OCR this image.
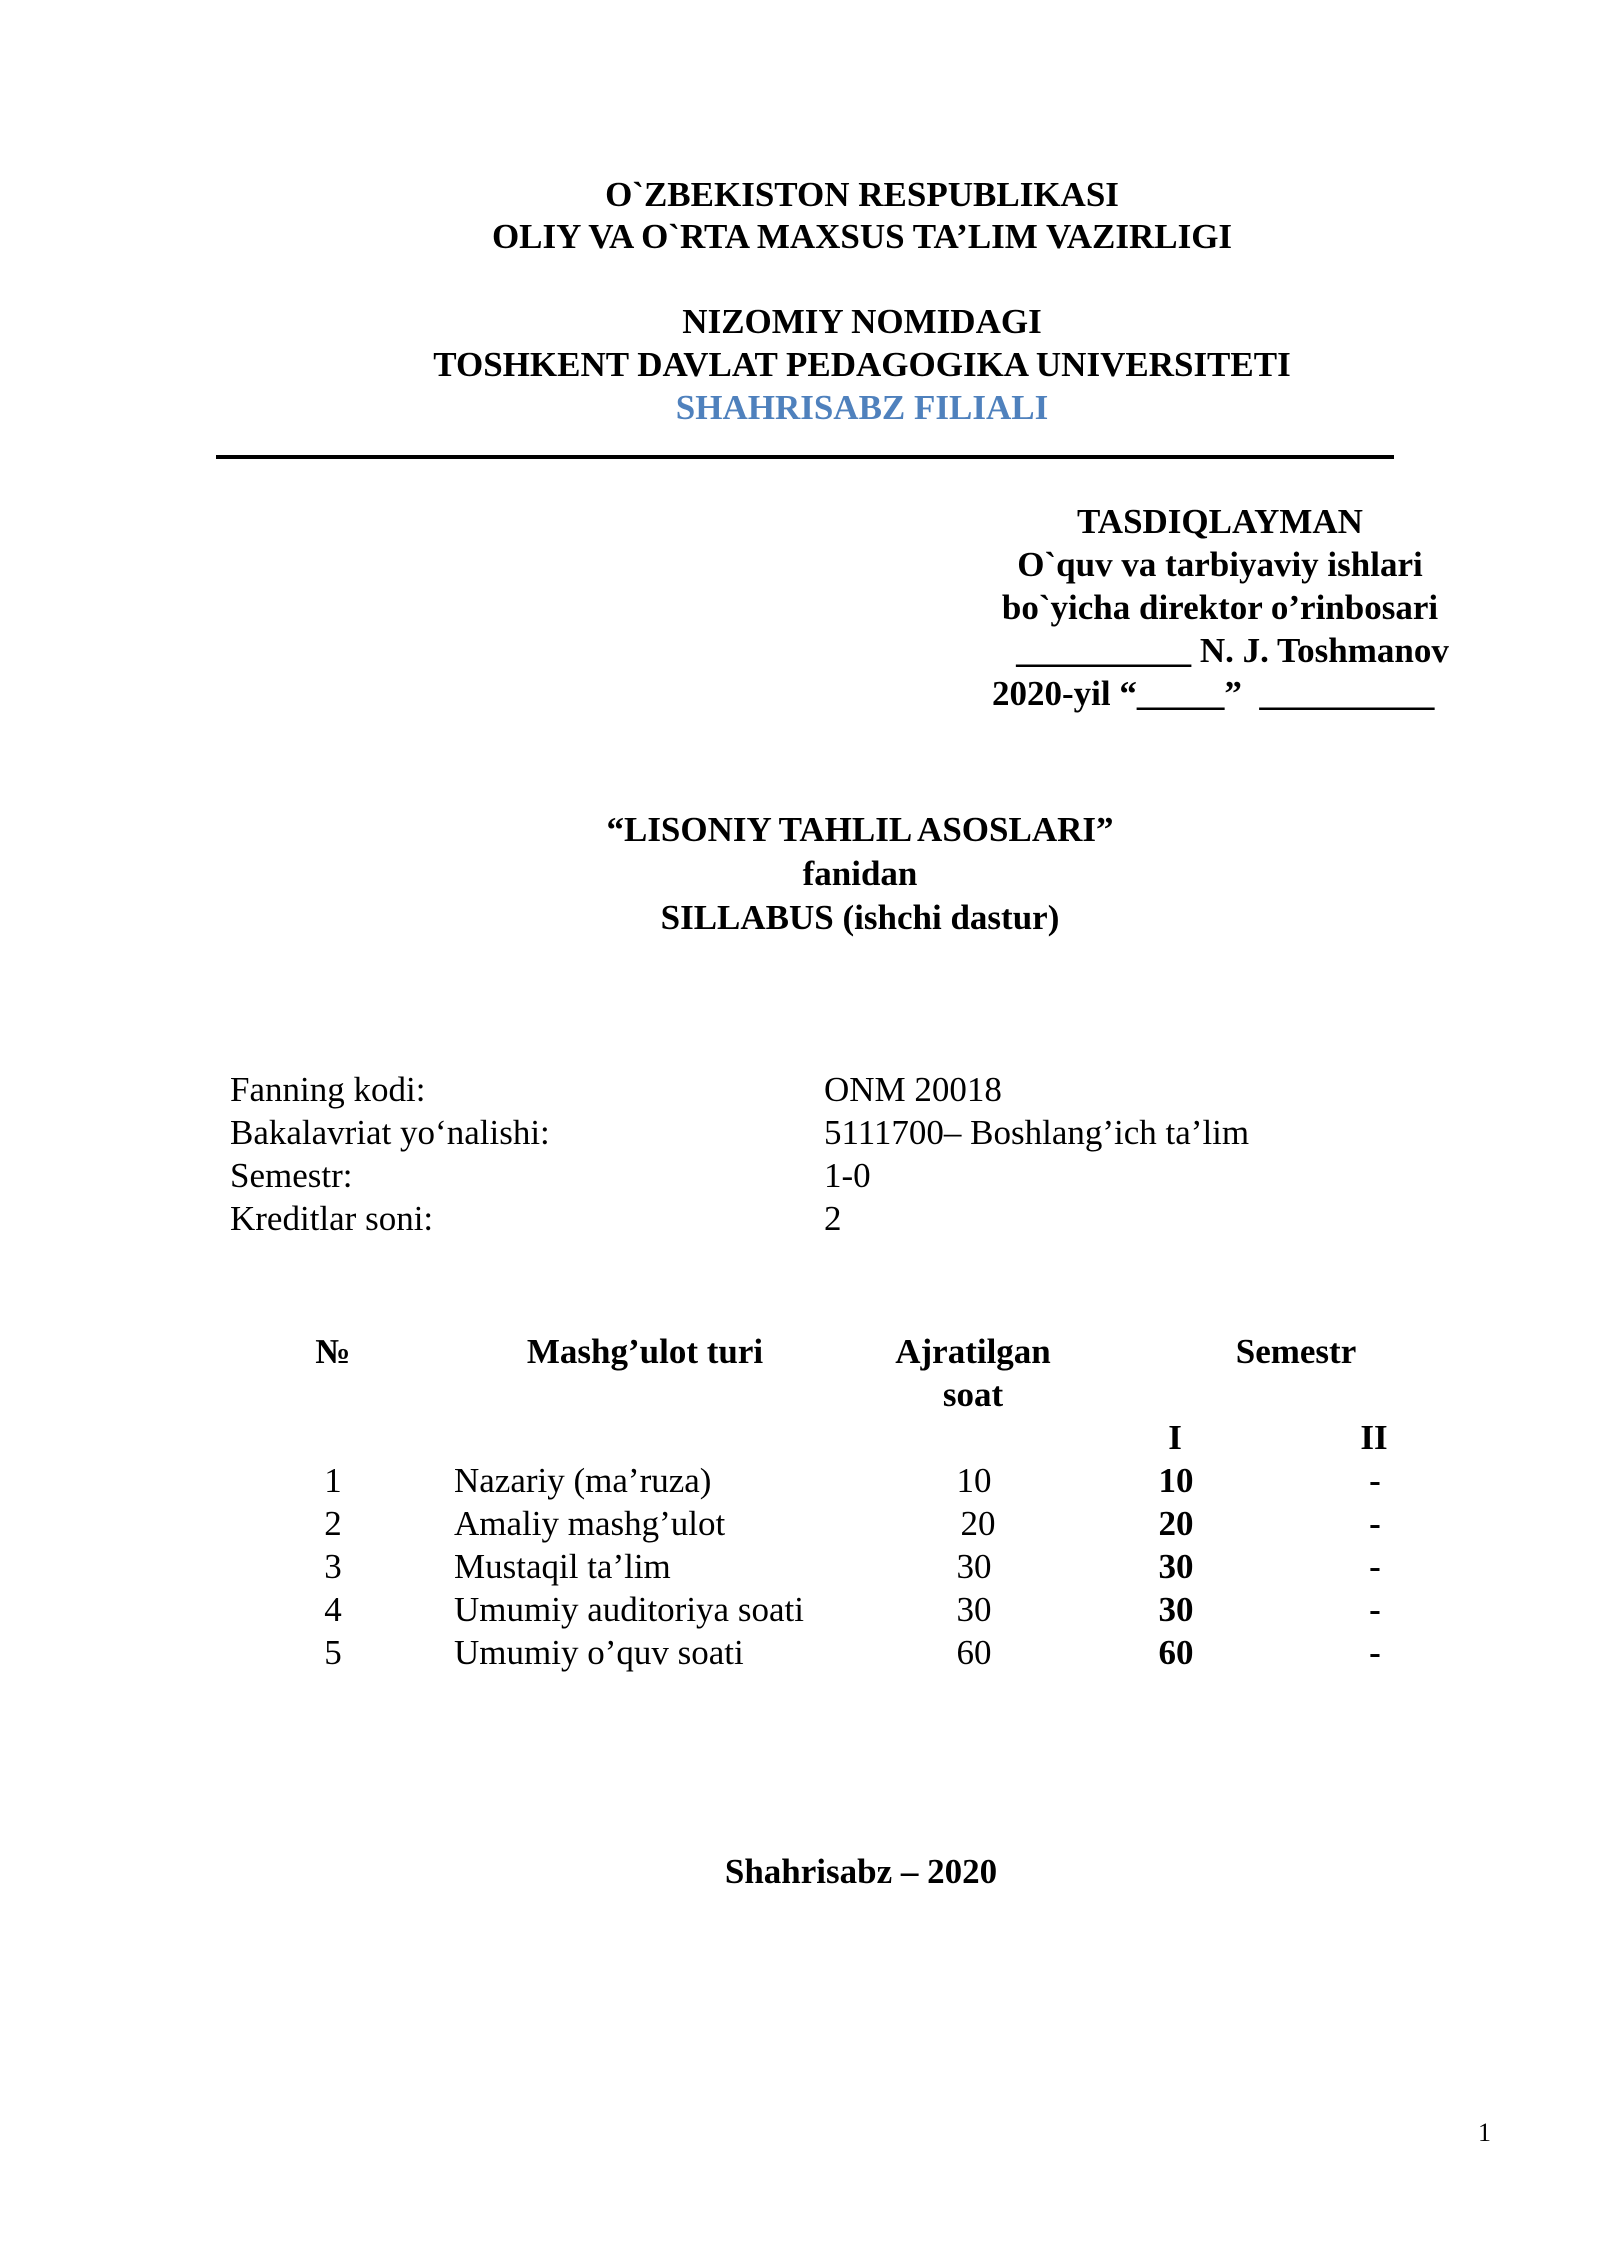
O`ZBEKISTON RESPUBLIKASI
OLIY VA O`RTA MAXSUS TA’LIM VAZIRLIGI
NIZOMIY NOMIDAGI
TOSHKENT DAVLAT PEDAGOGIKA UNIVERSITETI
SHAHRISABZ FILIALI
TASDIQLAYMAN
O`quv va tarbiyaviy ishlari
bo`yicha direktor o’rinbosari
__________ N. J. Toshmanov
2020-yil “_____”  __________
“LISONIY TAHLIL ASOSLARI”
fanidan
SILLABUS (ishchi dastur)
Fanning kodi:	ONM 20018
Bakalavriat yo‘nalishi:	5111700– Boshlang’ich ta’lim
Semestr:	1-0
Kreditlar soni:	2
№	Mashg’ulot turi	Ajratilgan
soat
Semestr
I	II
1	Nazariy (ma’ruza)	10	10	-
2	Amaliy mashg’ulot	20	20	-
3	Mustaqil ta’lim	30	30	-
4	Umumiy auditoriya soati	30	30	-
5	Umumiy o’quv soati	60	60	-
Shahrisabz – 2020
1
